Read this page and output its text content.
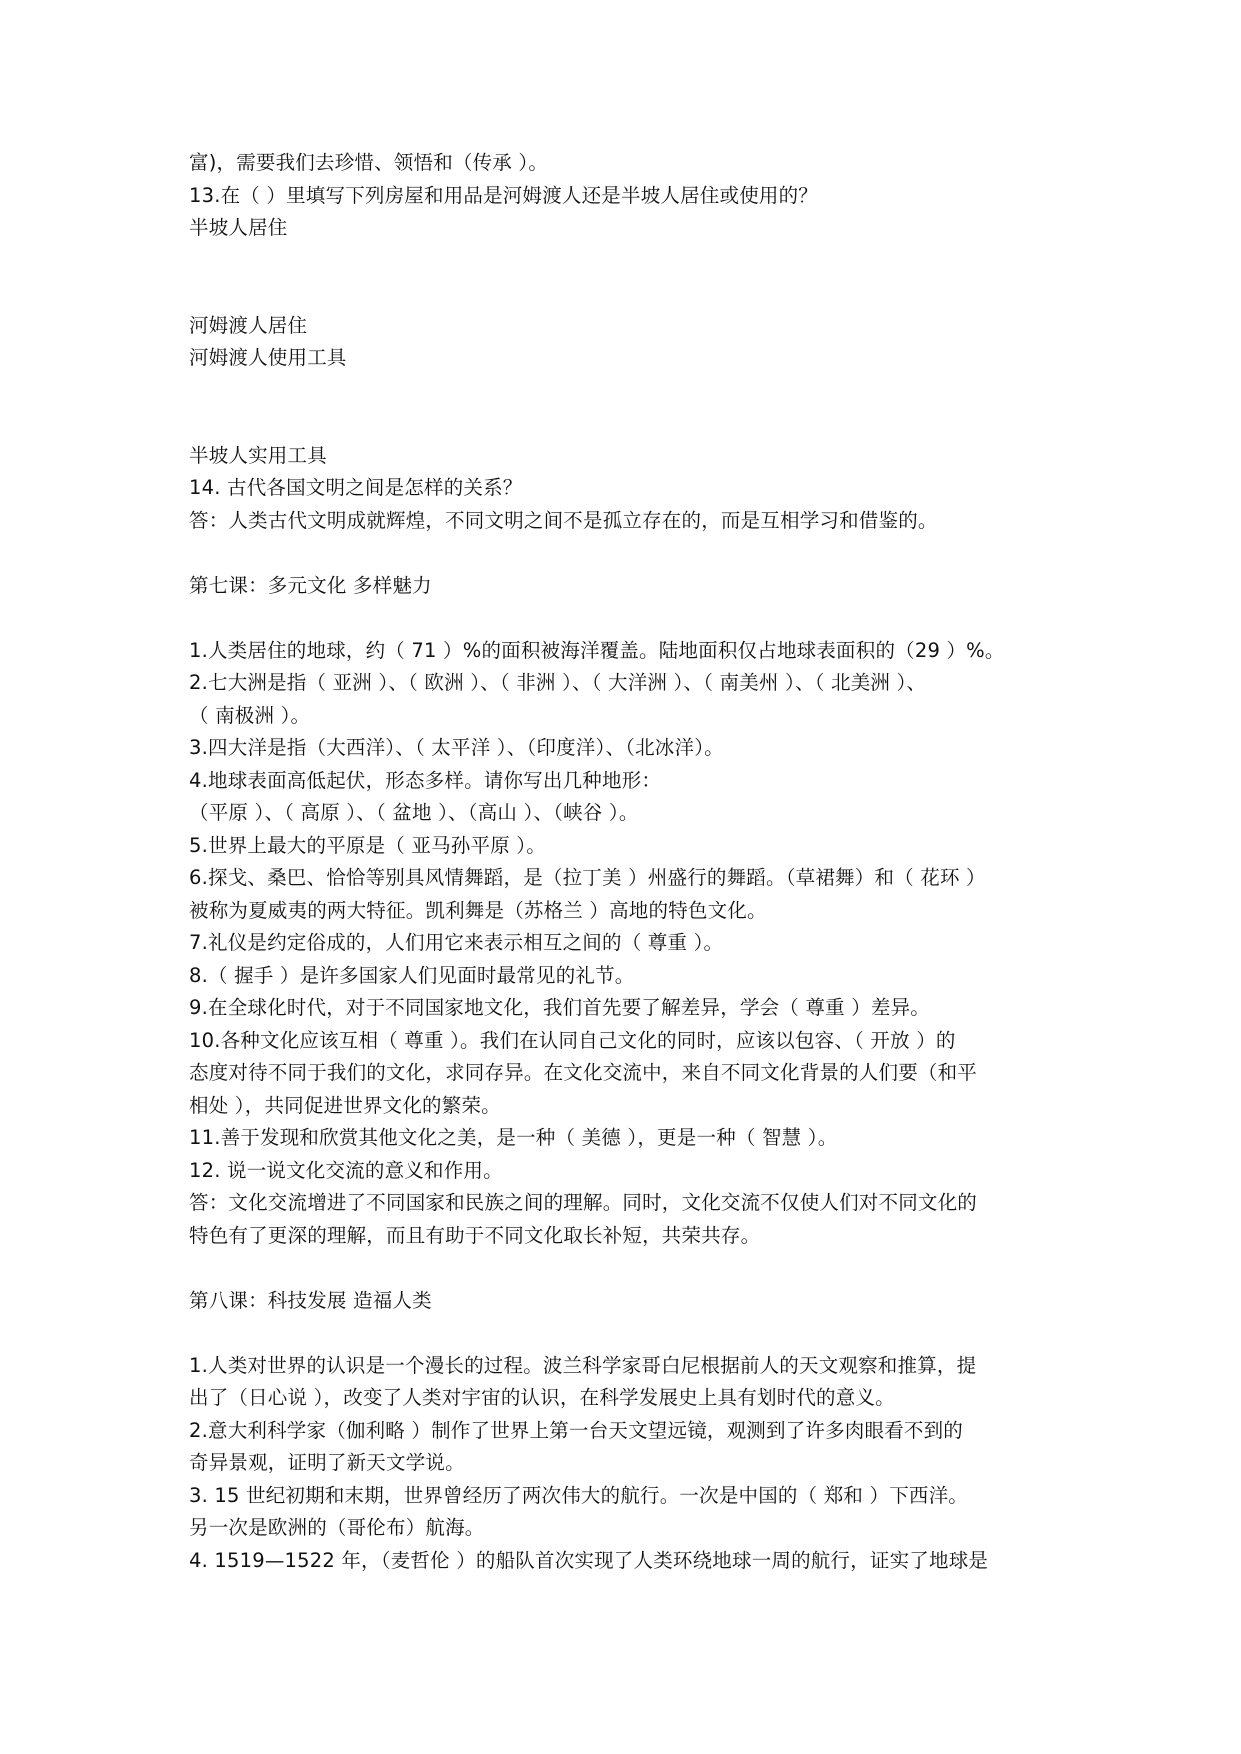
富)，需要我们去珍惜、领悟和（传承 ）。
13.在（ ）里填写下列房屋和用品是河姆渡人还是半坡人居住或使用的？
半坡人居住
河姆渡人居住
河姆渡人使用工具
半坡人实用工具
14. 古代各国文明之间是怎样的关系？
答：人类古代文明成就辉煌，不同文明之间不是孤立存在的，而是互相学习和借鉴的。
第七课：多元文化 多样魅力
1.人类居住的地球，约（ 71 ）%的面积被海洋覆盖。陆地面积仅占地球表面积的（29 ）%。
2.七大洲是指（ 亚洲 ）、（ 欧洲 ）、（ 非洲 ）、（ 大洋洲 ）、（ 南美州 ）、（ 北美洲 ）、
（ 南极洲 ）。
3.四大洋是指（大西洋）、（ 太平洋 ）、（印度洋）、（北冰洋）。
4.地球表面高低起伏，形态多样。请你写出几种地形：
（平原 ）、（ 高原 ）、（ 盆地 ）、（高山 ）、（峡谷 ）。
5.世界上最大的平原是（ 亚马孙平原 ）。
6.探戈、桑巴、恰恰等别具风情舞蹈，是（拉丁美 ）州盛行的舞蹈。（草裙舞）和（ 花环 ）
被称为夏威夷的两大特征。凯利舞是（苏格兰 ）高地的特色文化。
7.礼仪是约定俗成的，人们用它来表示相互之间的（ 尊重 ）。
8.（ 握手 ）是许多国家人们见面时最常见的礼节。
9.在全球化时代，对于不同国家地文化，我们首先要了解差异，学会（ 尊重 ）差异。
10.各种文化应该互相（ 尊重 ）。我们在认同自己文化的同时，应该以包容、（ 开放 ）的
态度对待不同于我们的文化，求同存异。在文化交流中，来自不同文化背景的人们要（和平
相处 ），共同促进世界文化的繁荣。
11.善于发现和欣赏其他文化之美，是一种（ 美德 ），更是一种（ 智慧 ）。
12. 说一说文化交流的意义和作用。
答：文化交流增进了不同国家和民族之间的理解。同时，文化交流不仅使人们对不同文化的
特色有了更深的理解，而且有助于不同文化取长补短，共荣共存。
第八课：科技发展 造福人类
1.人类对世界的认识是一个漫长的过程。波兰科学家哥白尼根据前人的天文观察和推算，提
出了（日心说 ），改变了人类对宇宙的认识，在科学发展史上具有划时代的意义。
2.意大利科学家（伽利略 ）制作了世界上第一台天文望远镜，观测到了许多肉眼看不到的
奇异景观，证明了新天文学说。
3. 15 世纪初期和末期，世界曾经历了两次伟大的航行。一次是中国的（ 郑和 ）下西洋。
另一次是欧洲的（哥伦布）航海。
4. 1519—1522 年，（麦哲伦 ）的船队首次实现了人类环绕地球一周的航行，证实了地球是
